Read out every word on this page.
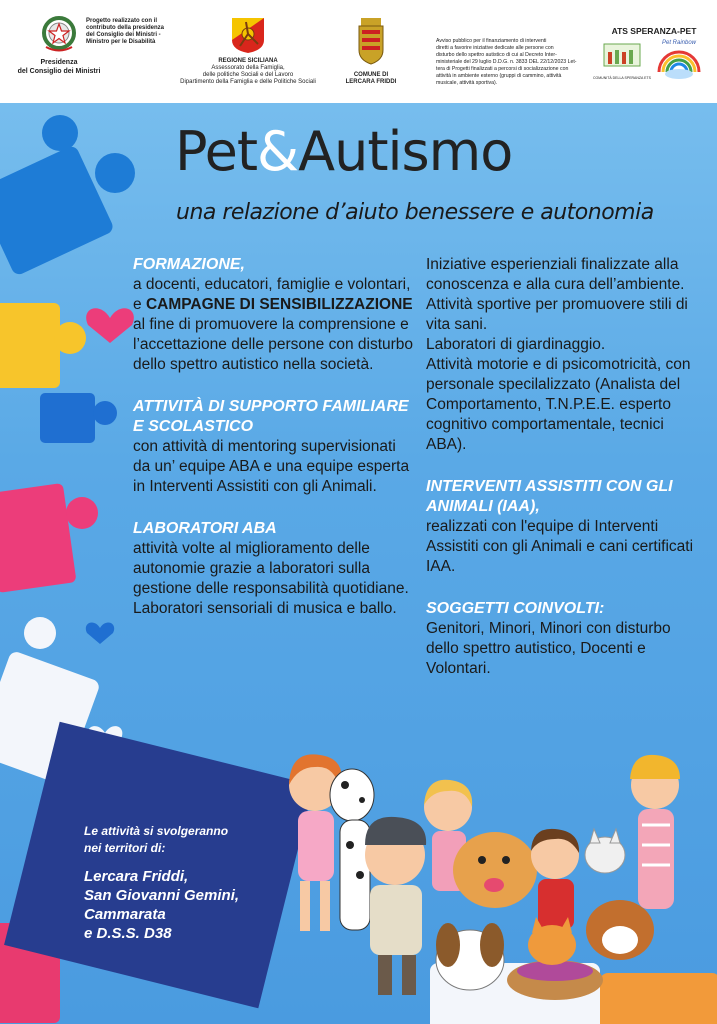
Presidenza
del Consiglio dei Ministri
Progetto realizzato con il
contributo della presidenza
del Consiglio dei Ministri -
Ministro per le Disabilità
REGIONE SICILIANA
Assessorato della Famiglia,
delle politiche Sociali e del Lavoro
Dipartimento della Famiglia e delle Politiche Sociali
COMUNE DI
LERCARA FRIDDI
Avviso pubblico per il finanziamento di interventi
diretti a favorire iniziative dedicate alle persone con
disturbo dello spettro autistico di cui al Decreto Inter-
ministeriale del 29 luglio D.D.G. n. 3833 DEL 22/12/2023 Let-
tera di Progetti finalizzati a percorsi di socializzazione con
attività in ambiente esterno (gruppi di cammino, attività
musicale, attività sportiva).
ATS SPERANZA-PET
COMUNITÀ DELLA SPERANZA ETS
Pet Rainbow
Pet&Autismo
una relazione d’aiuto benessere e autonomia
FORMAZIONE,

a docenti, educatori, famiglie e volontari, e CAMPAGNE DI SENSIBILIZZAZIONE al fine di promuovere la comprensione e l’accettazione delle persone con disturbo dello spettro autistico nella società.

ATTIVITÀ DI SUPPORTO FAMILIARE E SCOLASTICO

con attività di mentoring supervisionati da un’ equipe ABA e una equipe esperta in Interventi Assistiti con gli Animali.

LABORATORI ABA

attività volte al miglioramento delle autonomie grazie a laboratori sulla gestione delle responsabilità quotidiane.

Laboratori sensoriali di musica e ballo.

Iniziative esperienziali finalizzate alla conoscenza e alla cura dell’ambiente.

Attività sportive per promuovere stili di vita sani.

Laboratori di giardinaggio.

Attività motorie e di psicomotricità, con personale specilalizzato (Analista del Comportamento, T.N.P.E.E. esperto cognitivo comportamentale, tecnici ABA).

INTERVENTI ASSISTITI CON GLI ANIMALI (IAA),

realizzati con l'equipe di Interventi Assistiti con gli Animali e cani certificati IAA.

SOGGETTI COINVOLTI:

Genitori, Minori, Minori con disturbo dello spettro autistico, Docenti e Volontari.

Le attività si svolgeranno
nei territori di:
Lercara Friddi,
San Giovanni Gemini,
Cammarata
e D.S.S. D38
